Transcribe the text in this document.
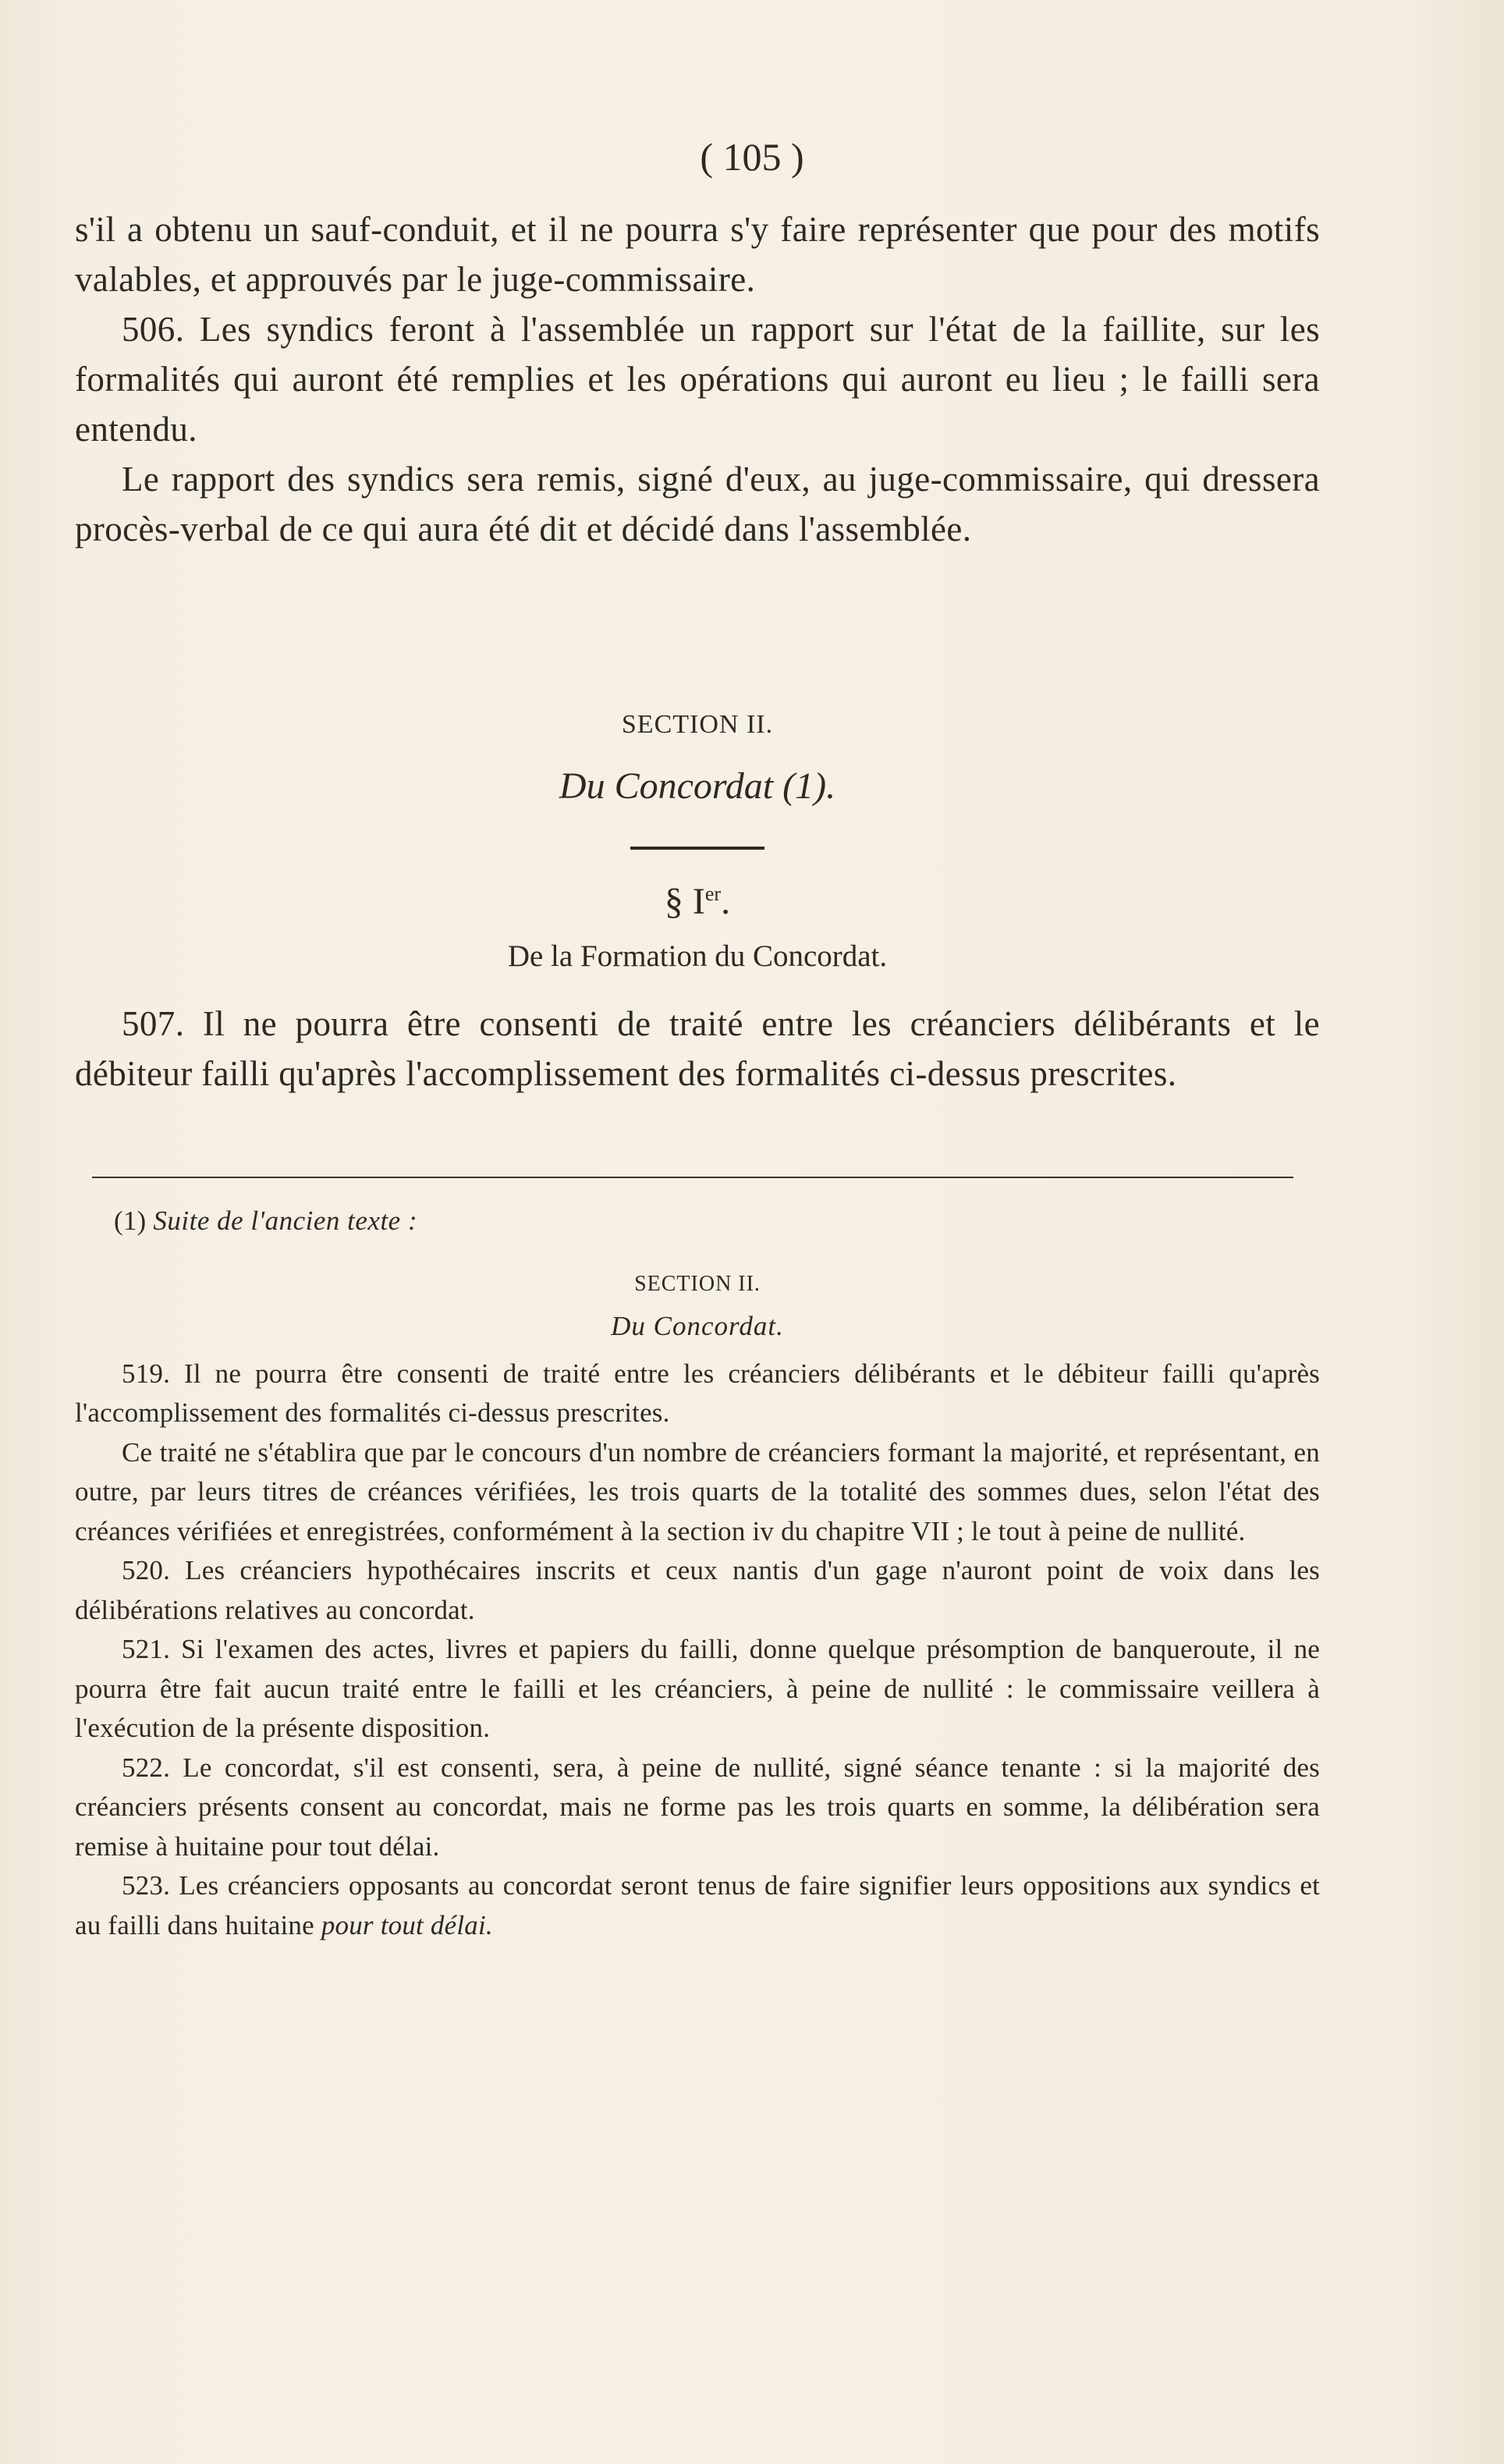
( 105 )

s'il a obtenu un sauf-conduit, et il ne pourra s'y faire représenter que pour des motifs valables, et approuvés par le juge-commissaire.

506. Les syndics feront à l'assemblée un rapport sur l'état de la faillite, sur les formalités qui auront été remplies et les opérations qui auront eu lieu ; le failli sera entendu.

Le rapport des syndics sera remis, signé d'eux, au juge-commissaire, qui dressera procès-verbal de ce qui aura été dit et décidé dans l'assemblée.

SECTION II.
Du Concordat (1).
§ Ier.
De la Formation du Concordat.

507. Il ne pourra être consenti de traité entre les créanciers délibérants et le débiteur failli qu'après l'accomplissement des formalités ci-dessus prescrites.

(1) Suite de l'ancien texte :

SECTION II.

Du Concordat.

519. Il ne pourra être consenti de traité entre les créanciers délibérants et le débiteur failli qu'après l'accomplissement des formalités ci-dessus prescrites.

Ce traité ne s'établira que par le concours d'un nombre de créanciers formant la majorité, et représentant, en outre, par leurs titres de créances vérifiées, les trois quarts de la totalité des sommes dues, selon l'état des créances vérifiées et enregistrées, conformément à la section iv du chapitre VII ; le tout à peine de nullité.

520. Les créanciers hypothécaires inscrits et ceux nantis d'un gage n'auront point de voix dans les délibérations relatives au concordat.

521. Si l'examen des actes, livres et papiers du failli, donne quelque présomption de banqueroute, il ne pourra être fait aucun traité entre le failli et les créanciers, à peine de nullité : le commissaire veillera à l'exécution de la présente disposition.

522. Le concordat, s'il est consenti, sera, à peine de nullité, signé séance tenante : si la majorité des créanciers présents consent au concordat, mais ne forme pas les trois quarts en somme, la délibération sera remise à huitaine pour tout délai.

523. Les créanciers opposants au concordat seront tenus de faire signifier leurs oppositions aux syndics et au failli dans huitaine pour tout délai.
